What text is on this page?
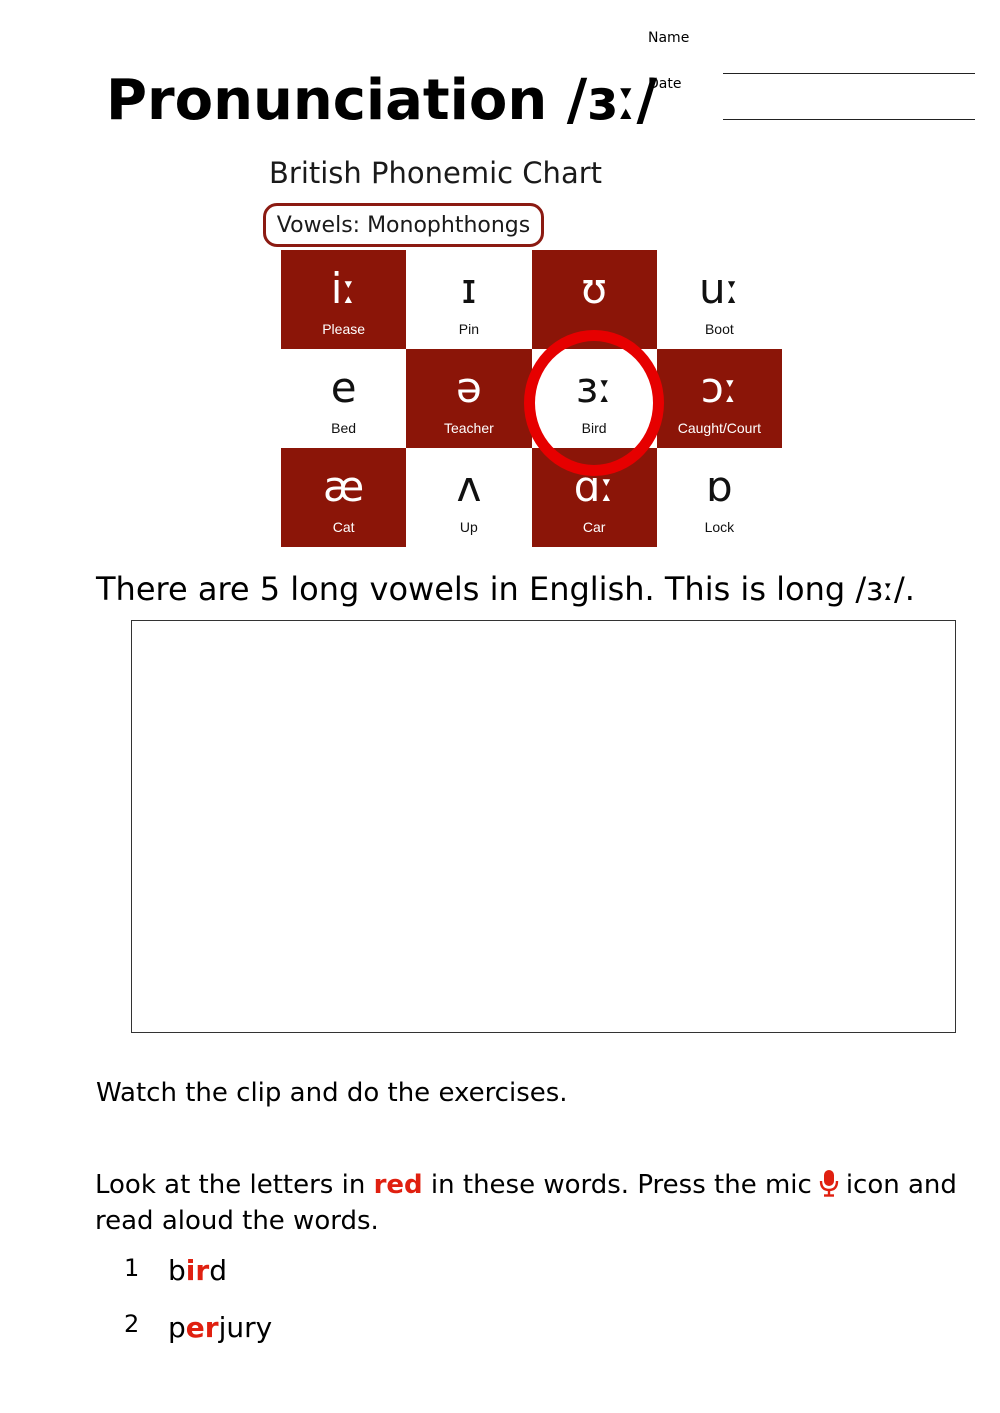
Pronunciation /ɜː/
Name
Date
British Phonemic Chart
Vowels: Monophthongs
iː
Please
ɪ
Pin
ʊ uː
Boot
e
Bed
ə
Teacher
ɜː
Bird
ɔː
Caught/Court
æ
Cat
ʌ
Up
ɑː
Car
ɒ
Lock
There are 5 long vowels in English. This is long /ɜː/.
Watch the clip and do the exercises.
Look at the letters in red in these words. Press the mic icon and
read aloud the words.
1 bird
2 perjury
